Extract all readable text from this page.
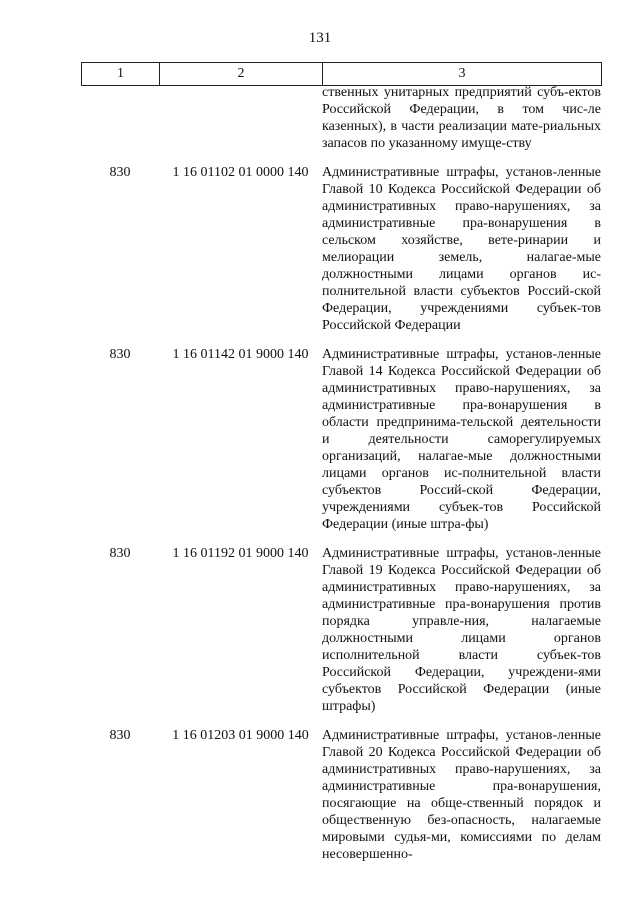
131
1	2	3
ственных унитарных предприятий субъ-ектов Российской Федерации, в том чис-ле казенных), в части реализации мате-риальных запасов по указанному имуще-ству
830	1 16 01102 01 0000 140 Административные штрафы, установ-ленные Главой 10 Кодекса Российской Федерации об административных право-нарушениях, за административные пра-вонарушения в сельском хозяйстве, вете-ринарии и мелиорации земель, налагае-мые должностными лицами органов ис-полнительной власти субъектов Россий-ской Федерации, учреждениями субъек-тов Российской Федерации
830	1 16 01142 01 9000 140 Административные штрафы, установ-ленные Главой 14 Кодекса Российской Федерации об административных право-нарушениях, за административные пра-вонарушения в области предпринима-тельской деятельности и деятельности саморегулируемых организаций, налагае-мые должностными лицами органов ис-полнительной власти субъектов Россий-ской Федерации, учреждениями субъек-тов Российской Федерации (иные штра-фы)
830	1 16 01192 01 9000 140 Административные штрафы, установ-ленные Главой 19 Кодекса Российской Федерации об административных право-нарушениях, за административные пра-вонарушения против порядка управле-ния, налагаемые должностными лицами органов исполнительной власти субъек-тов Российской Федерации, учреждени-ями субъектов Российской Федерации (иные штрафы)
830	1 16 01203 01 9000 140 Административные штрафы, установ-ленные Главой 20 Кодекса Российской Федерации об административных право-нарушениях, за административные пра-вонарушения, посягающие на обще-ственный порядок и общественную без-опасность, налагаемые мировыми судья-ми, комиссиями по делам несовершенно-
